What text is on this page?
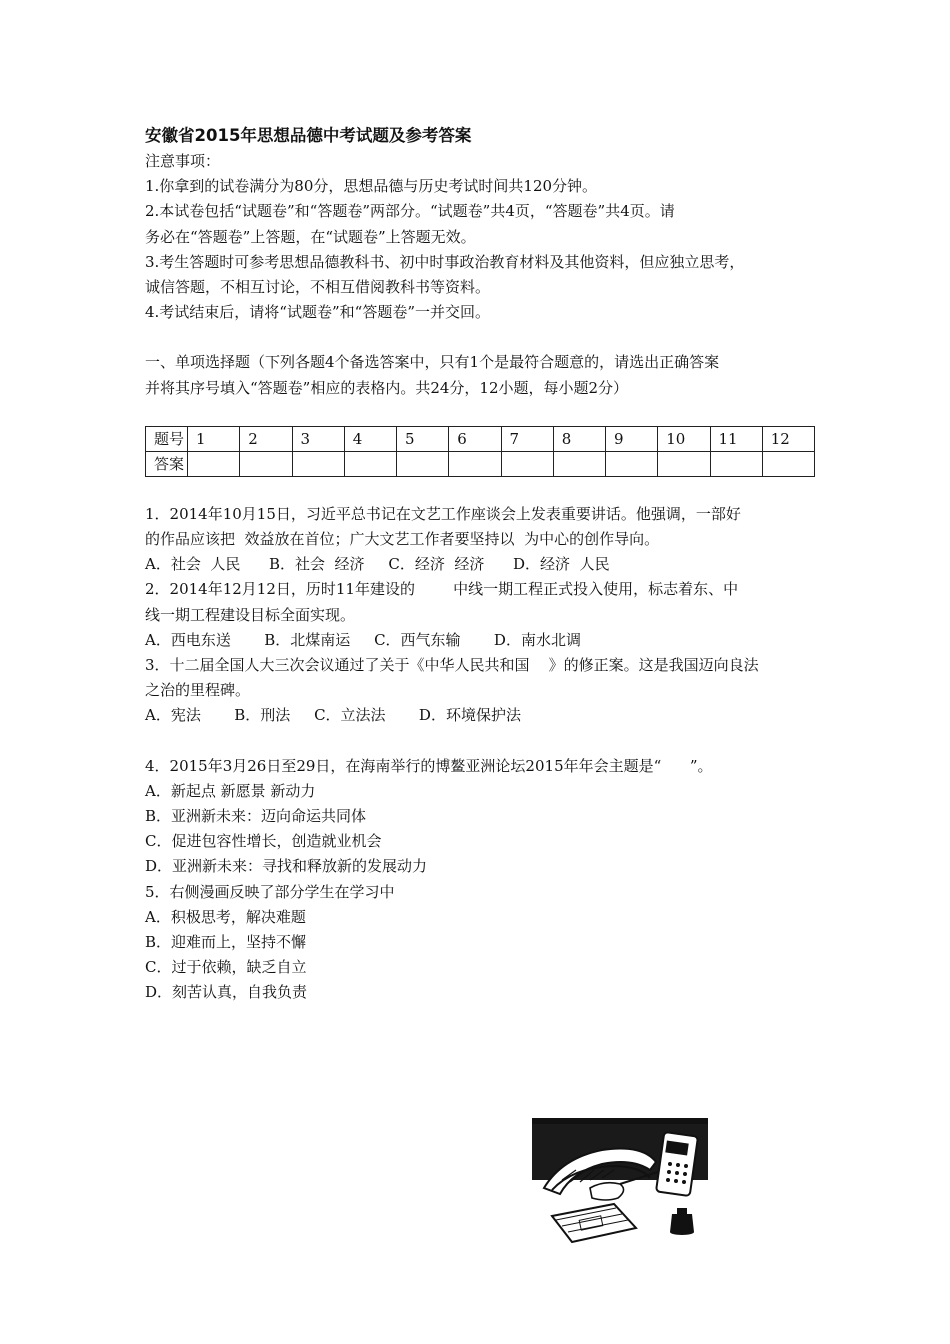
安徽省2015年思想品德中考试题及参考答案

注意事项：

1.你拿到的试卷满分为80分，思想品德与历史考试时间共120分钟。

2.本试卷包括“试题卷”和“答题卷”两部分。“试题卷”共4页，“答题卷”共4页。请

务必在“答题卷”上答题，在“试题卷”上答题无效。

3.考生答题时可参考思想品德教科书、初中时事政治教育材料及其他资料，但应独立思考，

诚信答题，不相互讨论，不相互借阅教科书等资料。

4.考试结束后，请将“试题卷”和“答题卷”一并交回。

一、单项选择题（下列各题4个备选答案中，只有1个是最符合题意的，请选出正确答案

并将其序号填入“答题卷”相应的表格内。共24分，12小题，每小题2分）

题号	1	2	3	4	5	6	7	8	9	10	11	12
答案												

1．2014年10月15日，习近平总书记在文艺工作座谈会上发表重要讲话。他强调，一部好

的作品应该把  效益放在首位；广大文艺工作者要坚持以  为中心的创作导向。

A．社会  人民      B．社会  经济     C．经济  经济      D．经济  人民

2．2014年12月12日，历时11年建设的        中线一期工程正式投入使用，标志着东、中

线一期工程建设目标全面实现。

A．西电东送       B．北煤南运     C．西气东输       D．南水北调

3．十二届全国人大三次会议通过了关于《中华人民共和国    》的修正案。这是我国迈向良法

之治的里程碑。

A．宪法       B．刑法     C．立法法       D．环境保护法

4．2015年3月26日至29日，在海南举行的博鳌亚洲论坛2015年年会主题是“      ”。

A．新起点 新愿景 新动力

B．亚洲新未来：迈向命运共同体

C．促进包容性增长，创造就业机会

D．亚洲新未来：寻找和释放新的发展动力

5．右侧漫画反映了部分学生在学习中

A．积极思考，解决难题

B．迎难而上，坚持不懈

C．过于依赖，缺乏自立

D．刻苦认真，自我负责
